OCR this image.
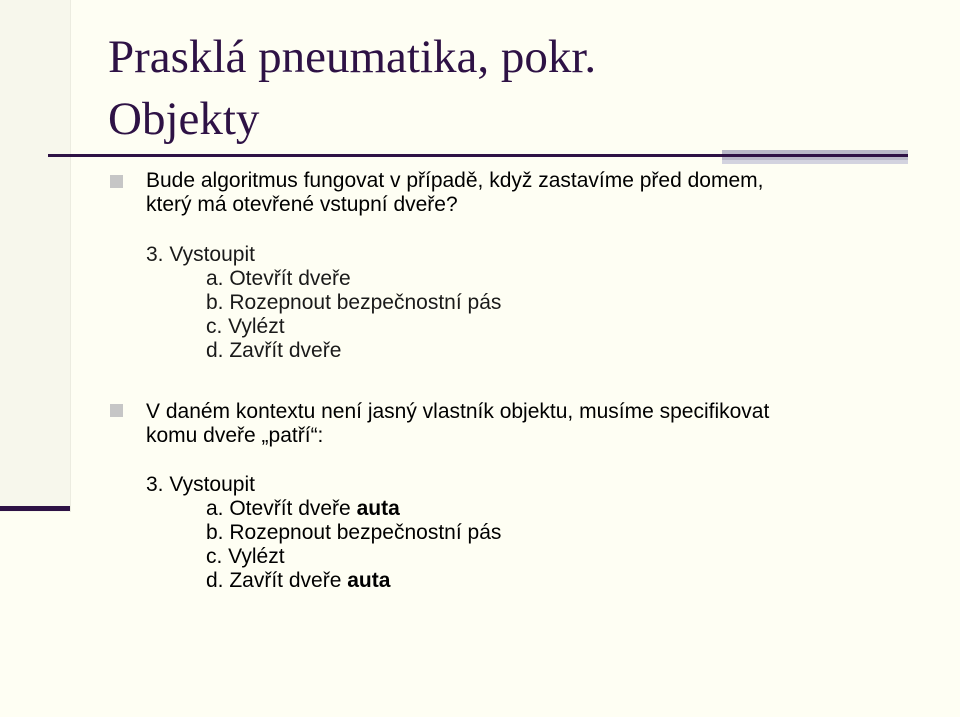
Prasklá pneumatika, pokr.
Objekty
Bude algoritmus fungovat v případě, když zastavíme před domem,
který má otevřené vstupní dveře?
3. Vystoupit
a. Otevřít dveře
b. Rozepnout bezpečnostní pás
c. Vylézt
d. Zavřít dveře
V daném kontextu není jasný vlastník objektu, musíme specifikovat
komu dveře „patří“:
3. Vystoupit
a. Otevřít dveře auta
b. Rozepnout bezpečnostní pás
c. Vylézt
d. Zavřít dveře auta
